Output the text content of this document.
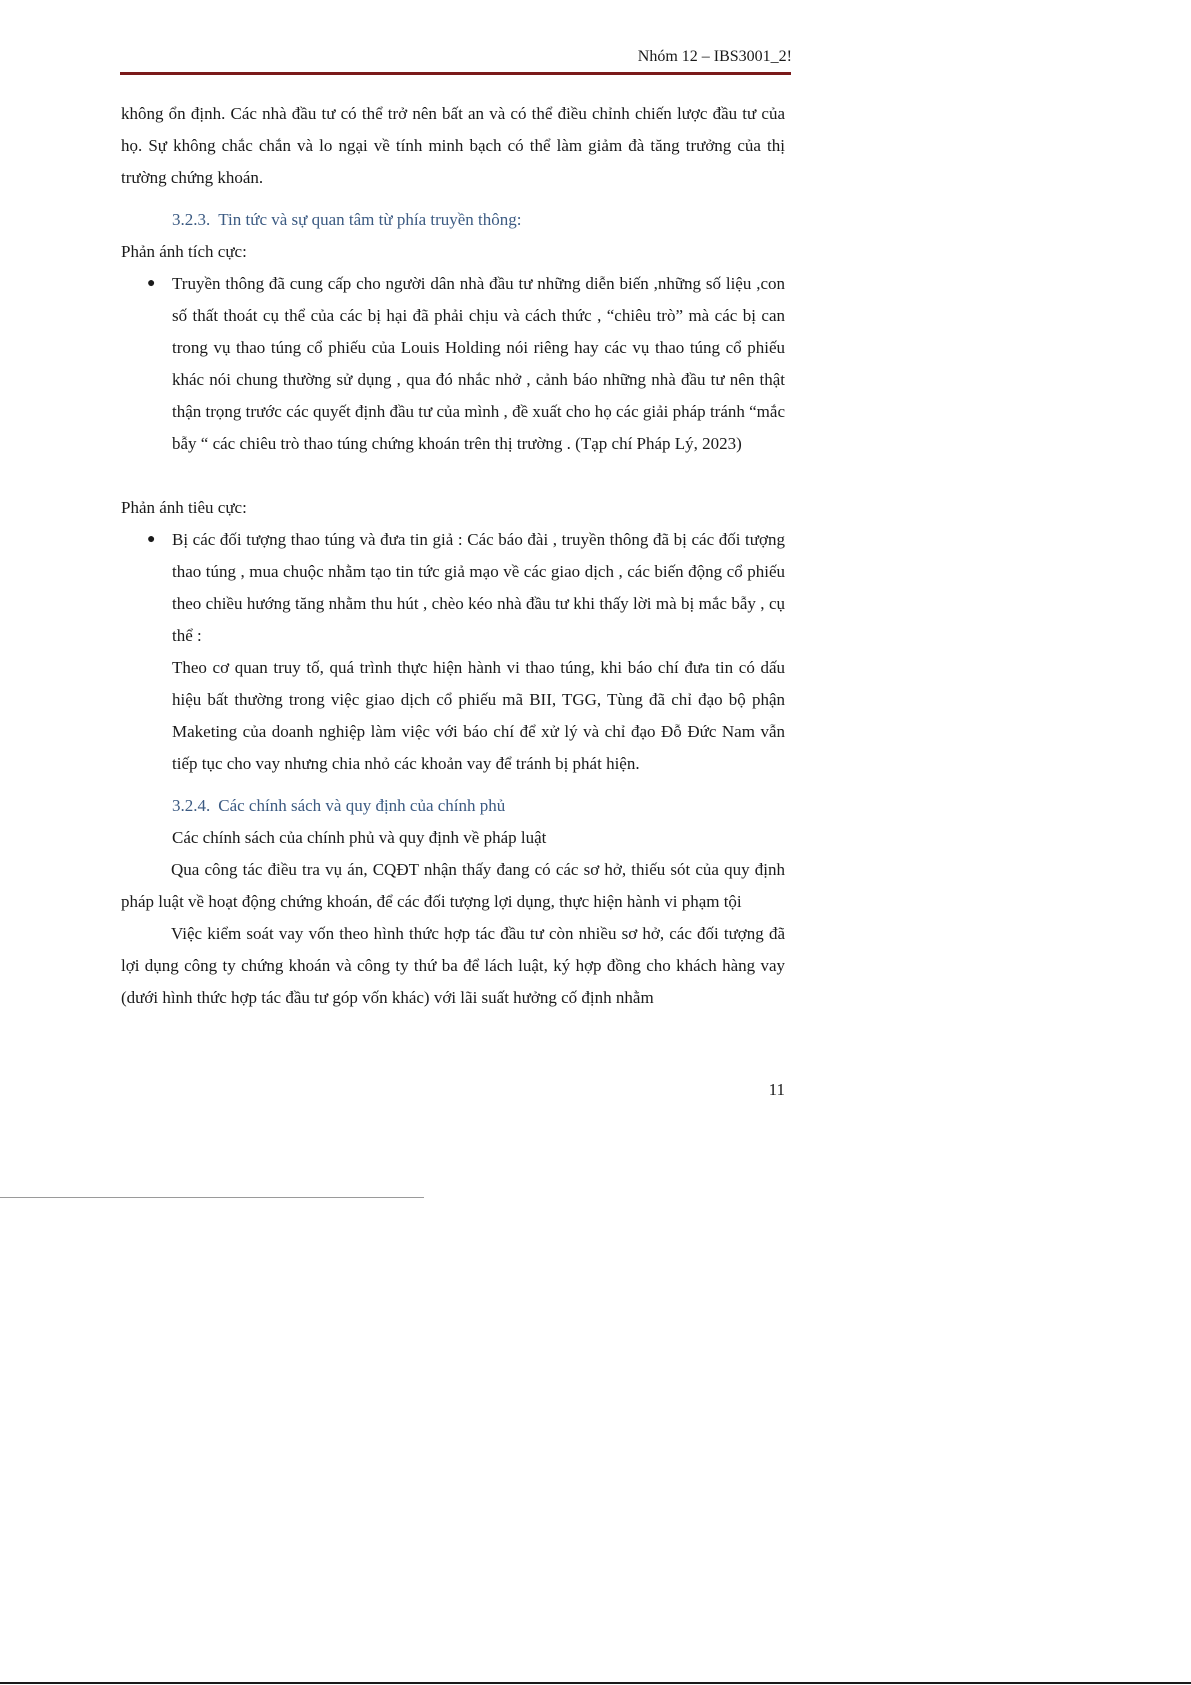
Nhóm 12 – IBS3001_2!

không ổn định. Các nhà đầu tư có thể trở nên bất an và có thể điều chỉnh chiến lược đầu tư của họ. Sự không chắc chắn và lo ngại về tính minh bạch có thể làm giảm đà tăng trưởng của thị trường chứng khoán.

3.2.3. Tin tức và sự quan tâm từ phía truyền thông:

Phản ánh tích cực:

● Truyền thông đã cung cấp cho người dân nhà đầu tư những diễn biến ,những số liệu ,con số thất thoát cụ thể của các bị hại đã phải chịu và cách thức , “chiêu trò” mà các bị can trong vụ thao túng cổ phiếu của Louis Holding nói riêng hay các vụ thao túng cổ phiếu khác nói chung thường sử dụng , qua đó nhắc nhở , cảnh báo những nhà đầu tư nên thật thận trọng trước các quyết định đầu tư của mình , đề xuất cho họ các giải pháp tránh “mắc bẫy “ các chiêu trò thao túng chứng khoán trên thị trường . (Tạp chí Pháp Lý, 2023)

Phản ánh tiêu cực:

● Bị các đối tượng thao túng và đưa tin giả : Các báo đài , truyền thông đã bị các đối tượng thao túng , mua chuộc nhằm tạo tin tức giả mạo về các giao dịch , các biến động cổ phiếu theo chiều hướng tăng nhằm thu hút , chèo kéo nhà đầu tư khi thấy lời mà bị mắc bẫy , cụ thể :

Theo cơ quan truy tố, quá trình thực hiện hành vi thao túng, khi báo chí đưa tin có dấu hiệu bất thường trong việc giao dịch cổ phiếu mã BII, TGG, Tùng đã chỉ đạo bộ phận Maketing của doanh nghiệp làm việc với báo chí để xử lý và chỉ đạo Đỗ Đức Nam vẫn tiếp tục cho vay nhưng chia nhỏ các khoản vay để tránh bị phát hiện.

3.2.4. Các chính sách và quy định của chính phủ

Các chính sách của chính phủ và quy định về pháp luật

Qua công tác điều tra vụ án, CQĐT nhận thấy đang có các sơ hở, thiếu sót của quy định pháp luật về hoạt động chứng khoán, để các đối tượng lợi dụng, thực hiện hành vi phạm tội

Việc kiểm soát vay vốn theo hình thức hợp tác đầu tư còn nhiều sơ hở, các đối tượng đã lợi dụng công ty chứng khoán và công ty thứ ba để lách luật, ký hợp đồng cho khách hàng vay (dưới hình thức hợp tác đầu tư góp vốn khác) với lãi suất hưởng cố định nhằm

11
